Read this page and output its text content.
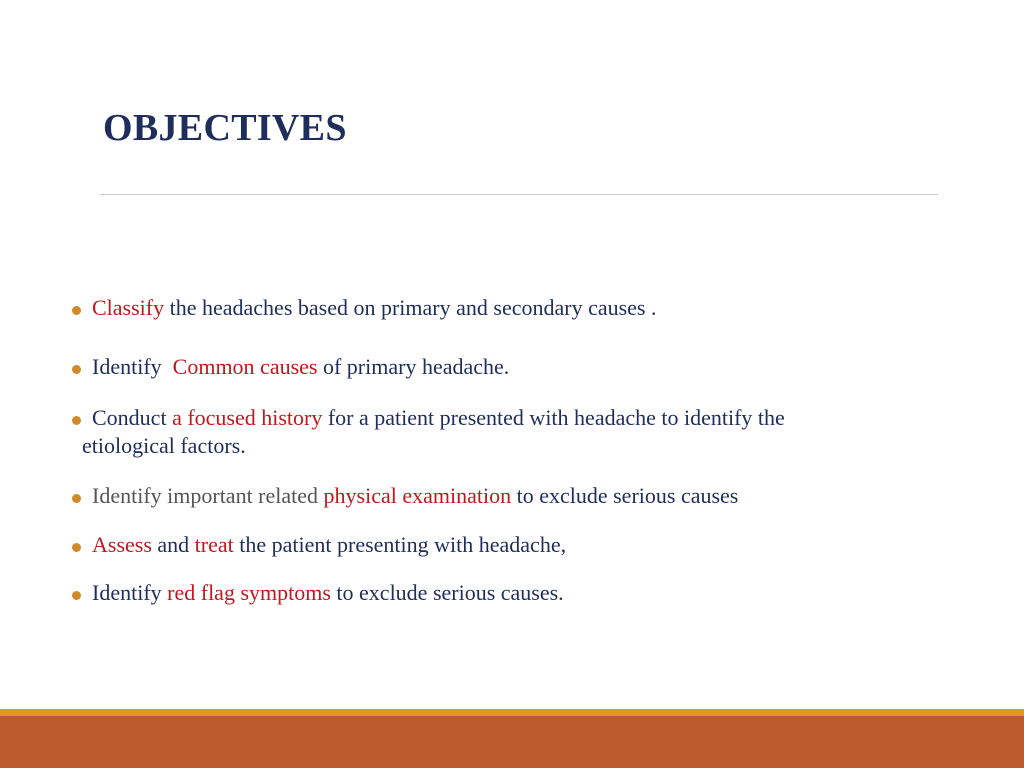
OBJECTIVES
Classify the headaches based on primary and secondary causes .
Identify  Common causes of primary headache.
Conduct a focused history for a patient presented with headache to identify the
etiological factors.
Identify important related physical examination to exclude serious causes
Assess and treat the patient presenting with headache,
Identify red flag symptoms to exclude serious causes.
